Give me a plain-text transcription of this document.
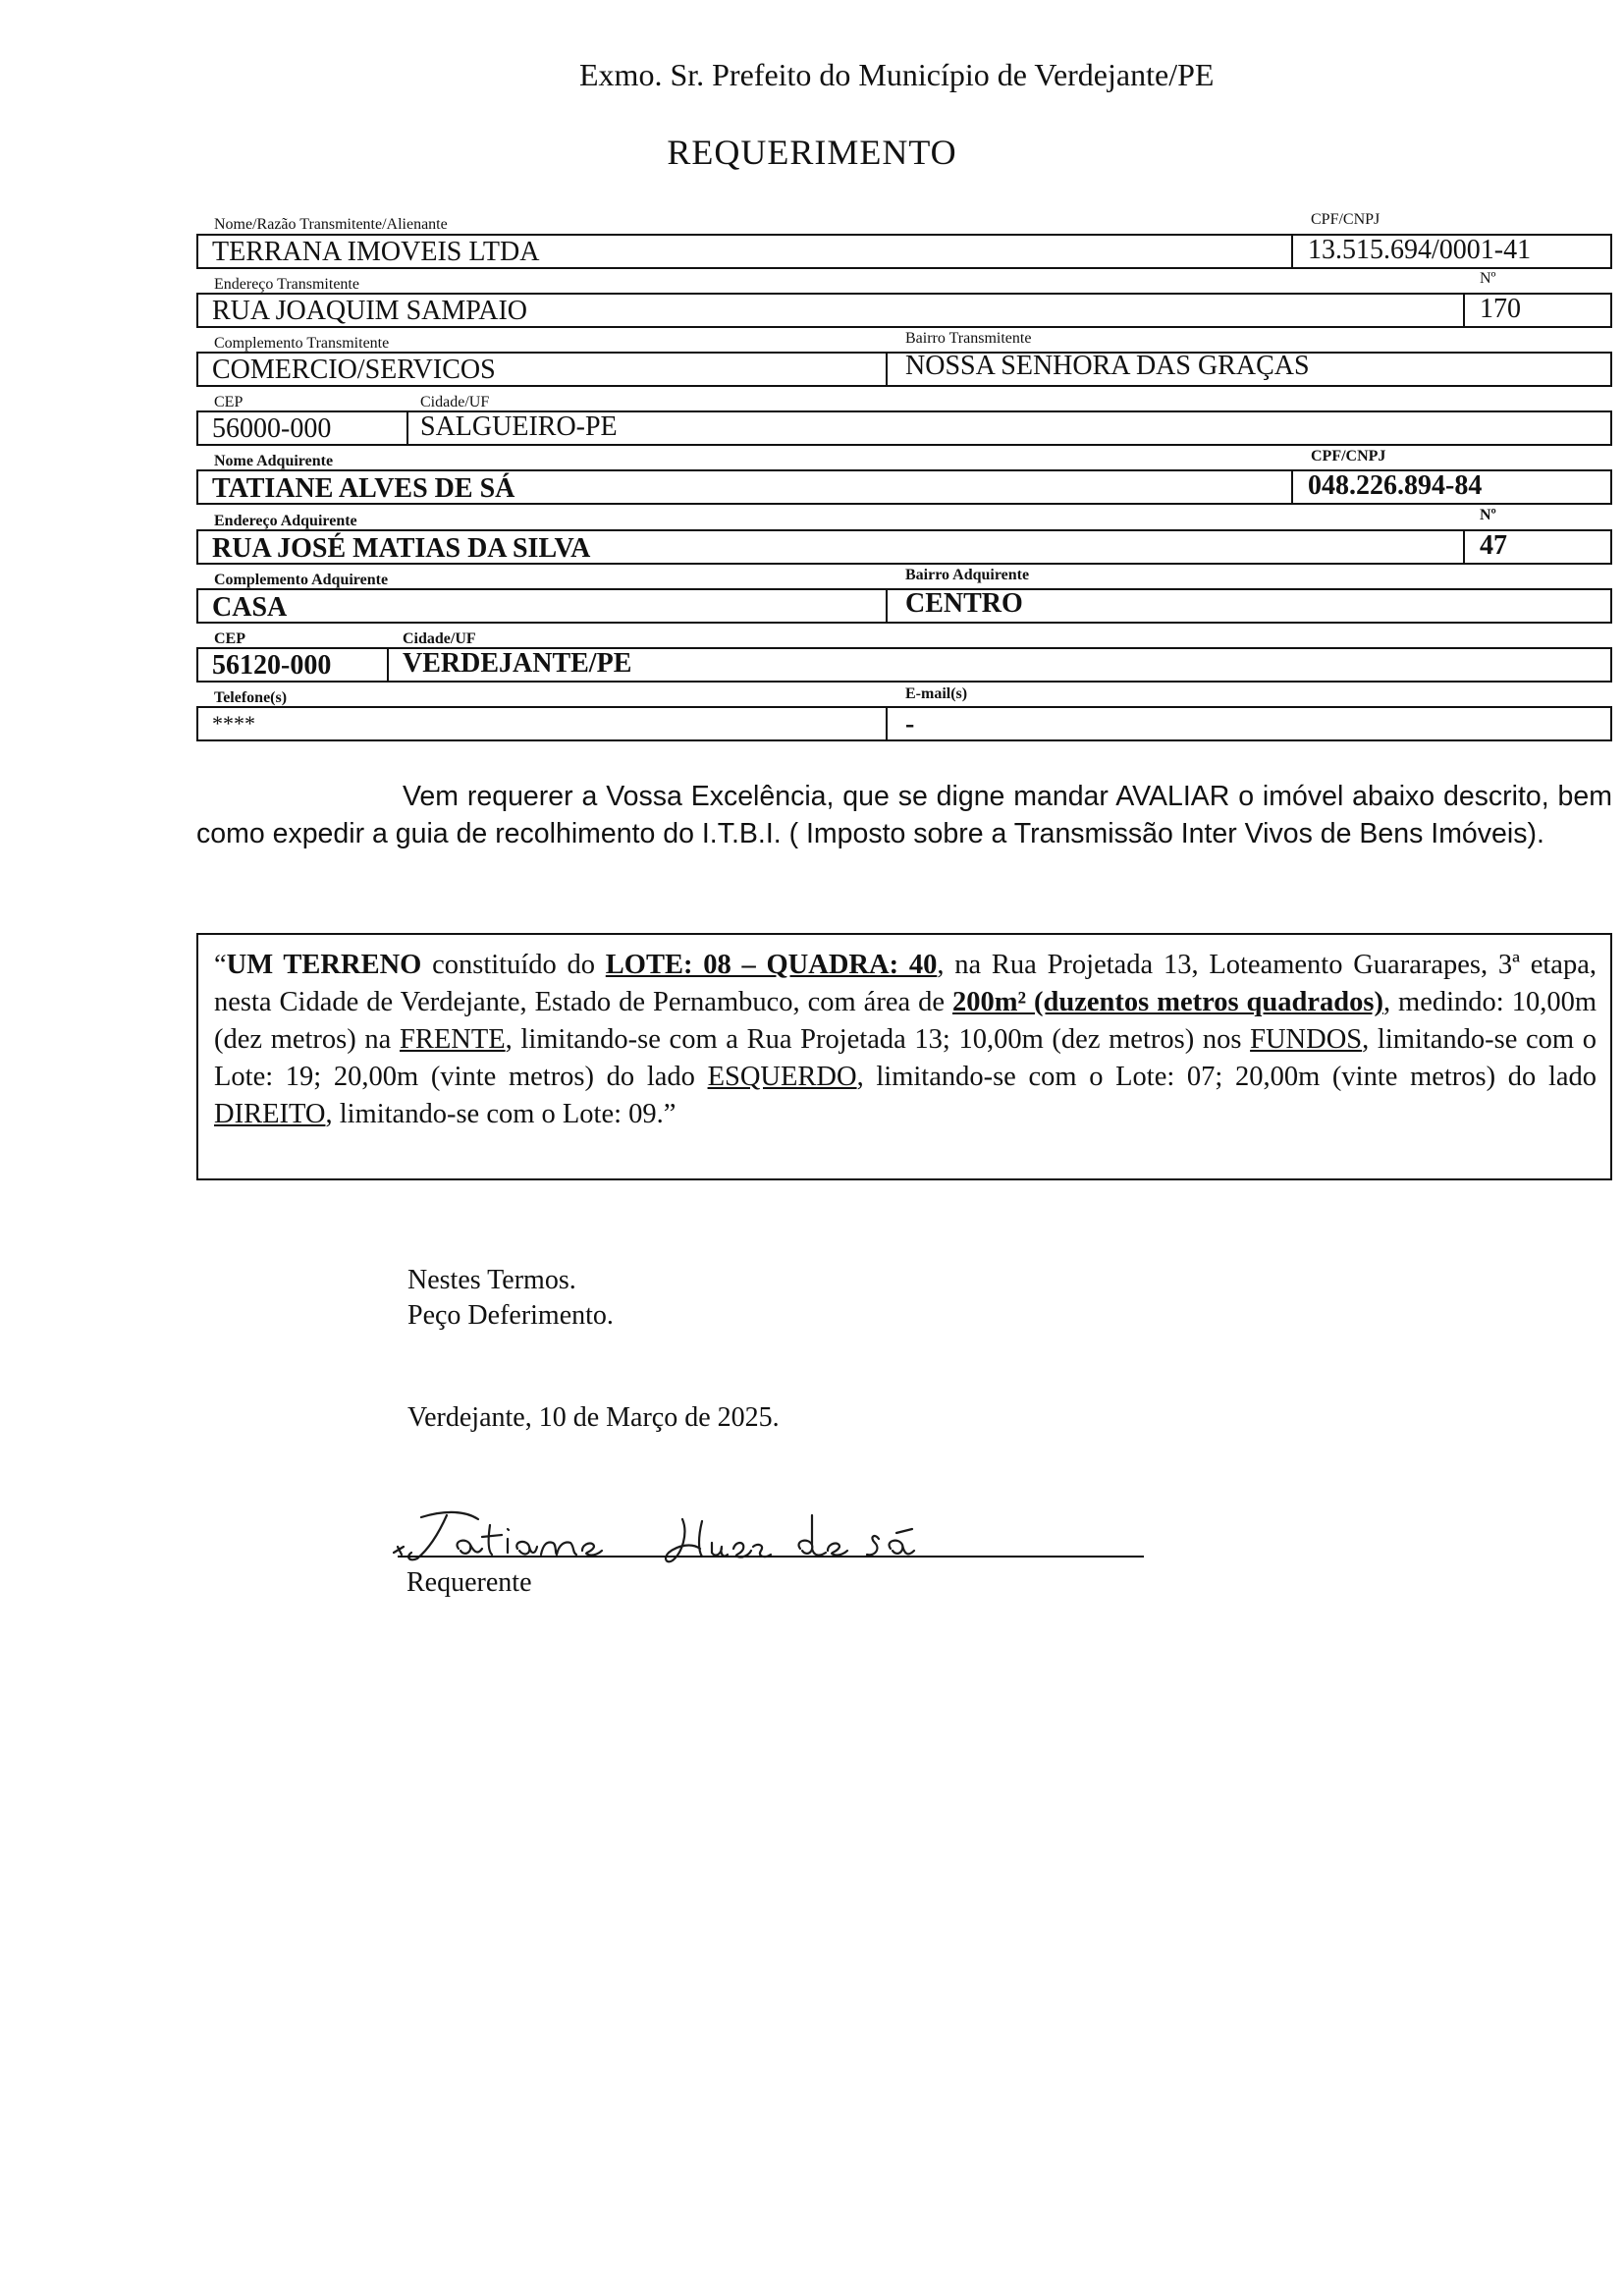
Exmo. Sr. Prefeito do Município de Verdejante/PE
REQUERIMENTO
Nome/Razão Transmitente/Alienante	CPF/CNPJ
TERRANA IMOVEIS LTDA	13.515.694/0001-41
Endereço Transmitente	Nº
RUA JOAQUIM SAMPAIO	170
Complemento Transmitente	Bairro Transmitente
COMERCIO/SERVICOS	NOSSA SENHORA DAS GRAÇAS
CEP	Cidade/UF
56000-000	SALGUEIRO-PE
Nome Adquirente	CPF/CNPJ
TATIANE ALVES DE SÁ	048.226.894-84
Endereço Adquirente	Nº
RUA JOSÉ MATIAS DA SILVA	47
Complemento Adquirente	Bairro Adquirente
CASA	CENTRO
CEP	Cidade/UF
56120-000	VERDEJANTE/PE
Telefone(s)	E-mail(s)
****	-
Vem requerer a Vossa Excelência, que se digne mandar AVALIAR o imóvel abaixo descrito, bem como expedir a guia de recolhimento do I.T.B.I. ( Imposto sobre a Transmissão Inter Vivos de Bens Imóveis).
“UM TERRENO constituído do LOTE: 08 – QUADRA: 40, na Rua Projetada 13, Loteamento Guararapes, 3ª etapa, nesta Cidade de Verdejante, Estado de Pernambuco, com área de 200m² (duzentos metros quadrados), medindo: 10,00m (dez metros) na FRENTE, limitando-se com a Rua Projetada 13; 10,00m (dez metros) nos FUNDOS, limitando-se com o Lote: 19; 20,00m (vinte metros) do lado ESQUERDO, limitando-se com o Lote: 07; 20,00m (vinte metros) do lado DIREITO, limitando-se com o Lote: 09.”
Nestes Termos.
Peço Deferimento.
Verdejante, 10 de Março de 2025.
Requerente
